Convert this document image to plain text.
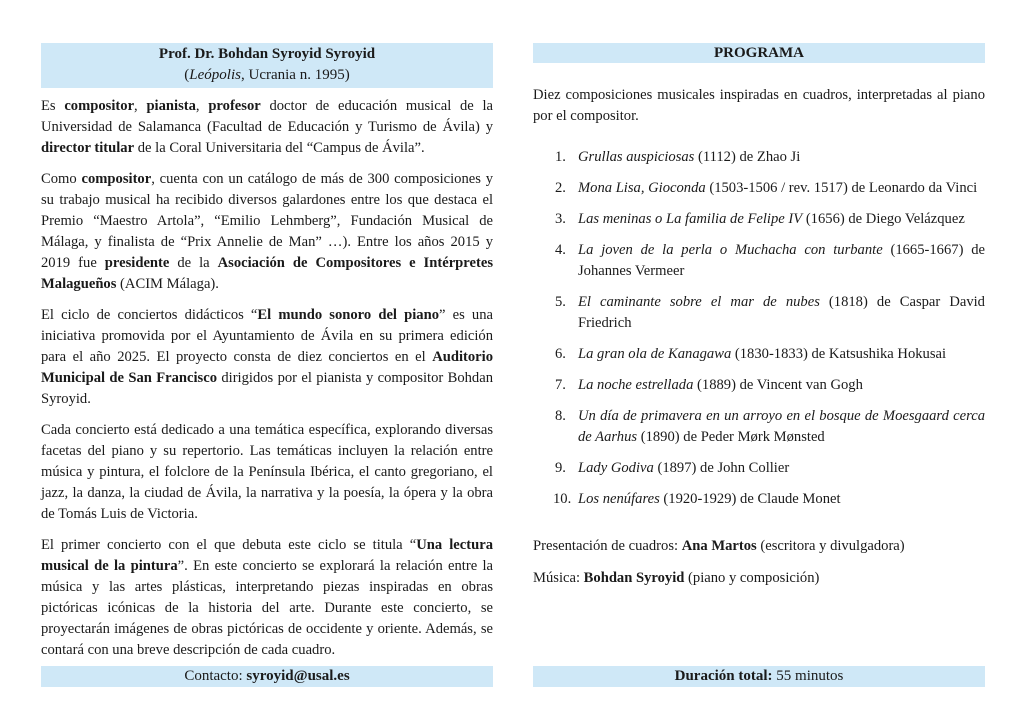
Prof. Dr. Bohdan Syroyid Syroyid
(Leópolis, Ucrania n. 1995)

Es compositor, pianista, profesor doctor de educación musical de la Universidad de Salamanca (Facultad de Educación y Turismo de Ávila) y director titular de la Coral Universitaria del “Campus de Ávila”.

Como compositor, cuenta con un catálogo de más de 300 composiciones y su trabajo musical ha recibido diversos galardones entre los que destaca el Premio “Maestro Artola”, “Emilio Lehmberg”, Fundación Musical de Málaga, y finalista de “Prix Annelie de Man” …). Entre los años 2015 y 2019 fue presidente de la Asociación de Compositores e Intérpretes Malagueños (ACIM Málaga).

El ciclo de conciertos didácticos “El mundo sonoro del piano” es una iniciativa promovida por el Ayuntamiento de Ávila en su primera edición para el año 2025. El proyecto consta de diez conciertos en el Auditorio Municipal de San Francisco dirigidos por el pianista y compositor Bohdan Syroyid.

Cada concierto está dedicado a una temática específica, explorando diversas facetas del piano y su repertorio. Las temáticas incluyen la relación entre música y pintura, el folclore de la Península Ibérica, el canto gregoriano, el jazz, la danza, la ciudad de Ávila, la narrativa y la poesía, la ópera y la obra de Tomás Luis de Victoria.

El primer concierto con el que debuta este ciclo se titula “Una lectura musical de la pintura”. En este concierto se explorará la relación entre la música y las artes plásticas, interpretando piezas inspiradas en obras pictóricas icónicas de la historia del arte. Durante este concierto, se proyectarán imágenes de obras pictóricas de occidente y oriente. Además, se contará con una breve descripción de cada cuadro.

Contacto: syroyid@usal.es
PROGRAMA

Diez composiciones musicales inspiradas en cuadros, interpretadas al piano por el compositor.

1. Grullas auspiciosas (1112) de Zhao Ji
2. Mona Lisa, Gioconda (1503-1506 / rev. 1517) de Leonardo da Vinci
3. Las meninas o La familia de Felipe IV (1656) de Diego Velázquez
4. La joven de la perla o Muchacha con turbante (1665-1667) de Johannes Vermeer
5. El caminante sobre el mar de nubes (1818) de Caspar David Friedrich
6. La gran ola de Kanagawa (1830-1833) de Katsushika Hokusai
7. La noche estrellada (1889) de Vincent van Gogh
8. Un día de primavera en un arroyo en el bosque de Moesgaard cerca de Aarhus (1890) de Peder Mørk Mønsted
9. Lady Godiva (1897) de John Collier
10. Los nenúfares (1920-1929) de Claude Monet

Presentación de cuadros: Ana Martos (escritora y divulgadora)

Música: Bohdan Syroyid (piano y composición)

Duración total: 55 minutos
